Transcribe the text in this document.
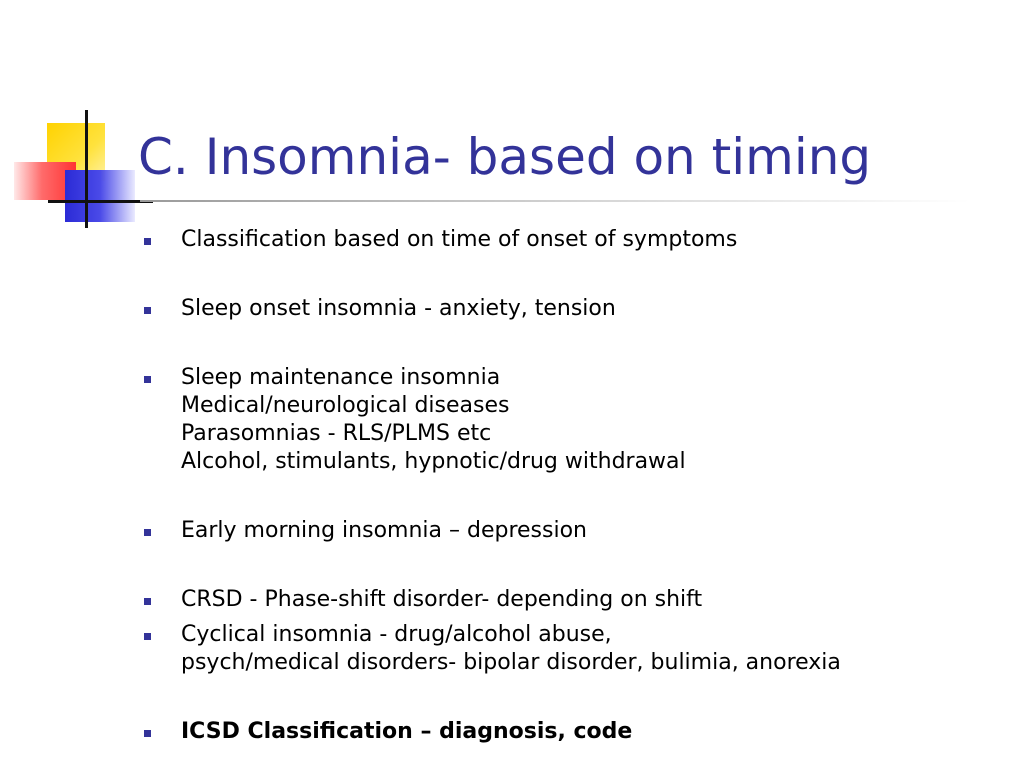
C. Insomnia- based on timing
Classification based on time of onset of symptoms
Sleep onset insomnia - anxiety, tension
Sleep maintenance insomnia
Medical/neurological diseases
Parasomnias - RLS/PLMS etc
Alcohol, stimulants, hypnotic/drug withdrawal
Early morning insomnia – depression
CRSD - Phase-shift disorder- depending on shift
Cyclical insomnia - drug/alcohol abuse,
psych/medical disorders- bipolar disorder, bulimia, anorexia
ICSD Classification – diagnosis, code
